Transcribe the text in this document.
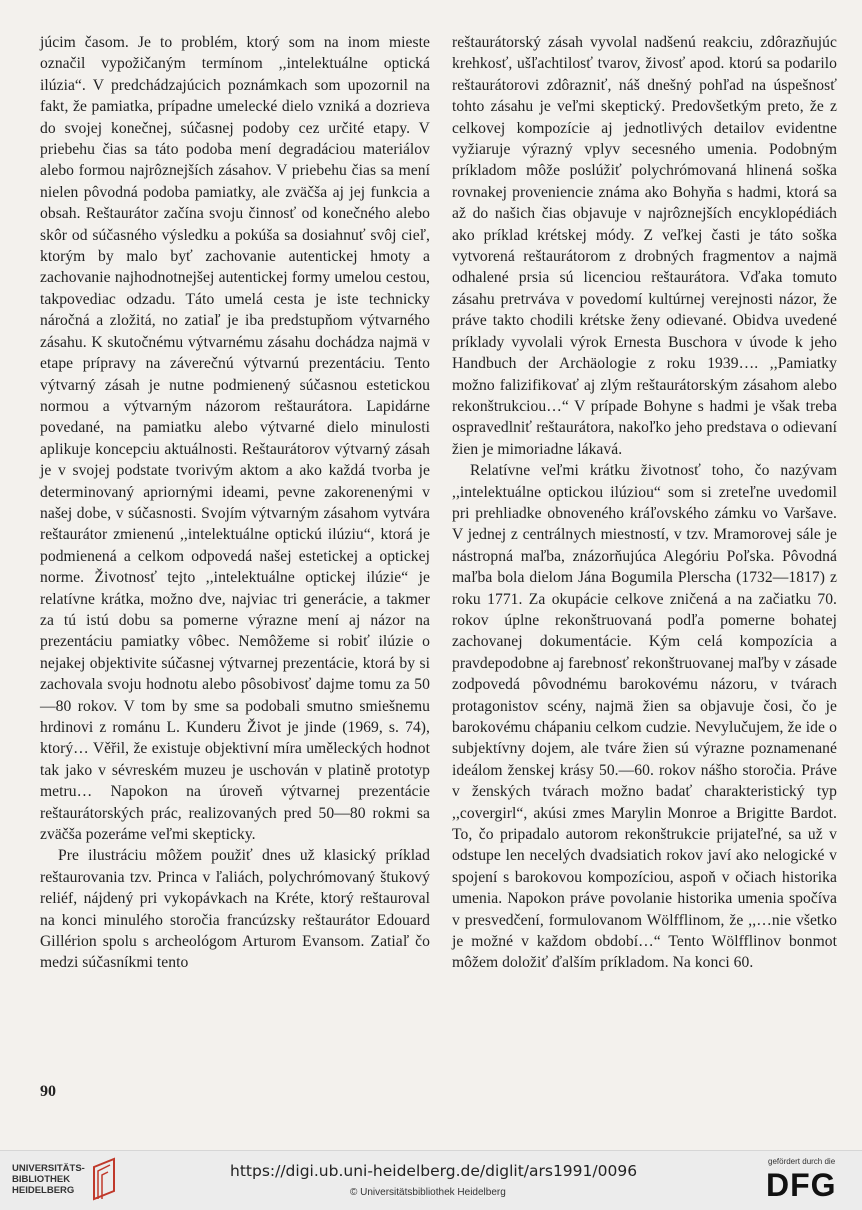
júcim časom. Je to problém, ktorý som na inom mieste označil vypožičaným termínom ,,intelektuálne optická ilúzia“. V predchádzajúcich poznámkach som upozornil na fakt, že pamiatka, prípadne umelecké dielo vzniká a dozrieva do svojej konečnej, súčasnej podoby cez určité etapy. V priebehu čias sa táto podoba mení degradáciou materiálov alebo formou najrôznejších zásahov. V priebehu čias sa mení nielen pôvodná podoba pamiatky, ale zväčša aj jej funkcia a obsah. Reštaurátor začína svoju činnosť od konečného alebo skôr od súčasného výsledku a pokúša sa dosiahnuť svôj cieľ, ktorým by malo byť zachovanie autentickej hmoty a zachovanie najhodnotnejšej autentickej formy umelou cestou, takpovediac odzadu. Táto umelá cesta je iste technicky náročná a zložitá, no zatiaľ je iba predstupňom výtvarného zásahu. K skutočnému výtvarnému zásahu dochádza najmä v etape prípravy na záverečnú výtvarnú prezentáciu. Tento výtvarný zásah je nutne podmienený súčasnou estetickou normou a výtvarným názorom reštaurátora. Lapidárne povedané, na pamiatku alebo výtvarné dielo minulosti aplikuje koncepciu aktuálnosti. Reštaurátorov výtvarný zásah je v svojej podstate tvorivým aktom a ako každá tvorba je determinovaný apriornými ideami, pevne zakorenenými v našej dobe, v súčasnosti. Svojím výtvarným zásahom vytvára reštaurátor zmienenú ,,intelektuálne optickú ilúziu“, ktorá je podmienená a celkom odpovedá našej estetickej a optickej norme. Životnosť tejto ,,intelektuálne optickej ilúzie“ je relatívne krátka, možno dve, najviac tri generácie, a takmer za tú istú dobu sa pomerne výrazne mení aj názor na prezentáciu pamiatky vôbec. Nemôžeme si robiť ilúzie o nejakej objektivite súčasnej výtvarnej prezentácie, ktorá by si zachovala svoju hodnotu alebo pôsobivosť dajme tomu za 50—80 rokov. V tom by sme sa podobali smutno smiešnemu hrdinovi z románu L. Kunderu Život je jinde (1969, s. 74), ktorý… Věřil, že existuje objektivní míra uměleckých hodnot tak jako v sévreském muzeu je uschován v platině prototyp metru… Napokon na úroveň výtvarnej prezentácie reštaurátorských prác, realizovaných pred 50—80 rokmi sa zväčša pozeráme veľmi skepticky.

Pre ilustráciu môžem použiť dnes už klasický príklad reštaurovania tzv. Princa v ľaliách, polychrómovaný štukový reliéf, nájdený pri vykopávkach na Kréte, ktorý reštauroval na konci minulého storočia francúzsky reštaurátor Edouard Gillérion spolu s archeológom Arturom Evansom. Zatiaľ čo medzi súčasníkmi tento

reštaurátorský zásah vyvolal nadšenú reakciu, zdôrazňujúc krehkosť, ušľachtilosť tvarov, živosť apod. ktorú sa podarilo reštaurátorovi zdôrazniť, náš dnešný pohľad na úspešnosť tohto zásahu je veľmi skeptický. Predovšetkým preto, že z celkovej kompozície aj jednotlivých detailov evidentne vyžiaruje výrazný vplyv secesného umenia. Podobným príkladom môže poslúžiť polychrómovaná hlinená soška rovnakej proveniencie známa ako Bohyňa s hadmi, ktorá sa až do našich čias objavuje v najrôznejších encyklopédiách ako príklad krétskej módy. Z veľkej časti je táto soška vytvorená reštaurátorom z drobných fragmentov a najmä odhalené prsia sú licenciou reštaurátora. Vďaka tomuto zásahu pretrváva v povedomí kultúrnej verejnosti názor, že práve takto chodili krétske ženy odievané. Obidva uvedené príklady vyvolali výrok Ernesta Buschora v úvode k jeho Handbuch der Archäologie z roku 1939…. ,,Pamiatky možno falizifikovať aj zlým reštaurátorským zásahom alebo rekonštrukciou…“ V prípade Bohyne s hadmi je však treba ospravedlniť reštaurátora, nakoľko jeho predstava o odievaní žien je mimoriadne lákavá.

Relatívne veľmi krátku životnosť toho, čo nazývam ,,intelektuálne optickou ilúziou“ som si zreteľne uvedomil pri prehliadke obnoveného kráľovského zámku vo Varšave. V jednej z centrálnych miestností, v tzv. Mramorovej sále je nástropná maľba, znázorňujúca Alegóriu Poľska. Pôvodná maľba bola dielom Jána Bogumila Plerscha (1732—1817) z roku 1771. Za okupácie celkove zničená a na začiatku 70. rokov úplne rekonštruovaná podľa pomerne bohatej zachovanej dokumentácie. Kým celá kompozícia a pravdepodobne aj farebnosť rekonštruovanej maľby v zásade zodpovedá pôvodnému barokovému názoru, v tvárach protagonistov scény, najmä žien sa objavuje čosi, čo je barokovému chápaniu celkom cudzie. Nevylučujem, že ide o subjektívny dojem, ale tváre žien sú výrazne poznamenané ideálom ženskej krásy 50.—60. rokov nášho storočia. Práve v ženských tvárach možno badať charakteristický typ ,,covergirl“, akúsi zmes Marylin Monroe a Brigitte Bardot. To, čo pripadalo autorom rekonštrukcie prijateľné, sa už v odstupe len necelých dvadsiatich rokov javí ako nelogické v spojení s barokovou kompozíciou, aspoň v očiach historika umenia. Napokon práve povolanie historika umenia spočíva v presvedčení, formulovanom Wölfflinom, že ,,…nie všetko je možné v každom období…“ Tento Wölfflinov bonmot môžem doložiť ďalším príkladom. Na konci 60.

90
UNIVERSITÄTS-
BIBLIOTHEK
HEIDELBERG
https://digi.ub.uni-heidelberg.de/diglit/ars1991/0096
© Universitätsbibliothek Heidelberg
gefördert durch die
DFG
